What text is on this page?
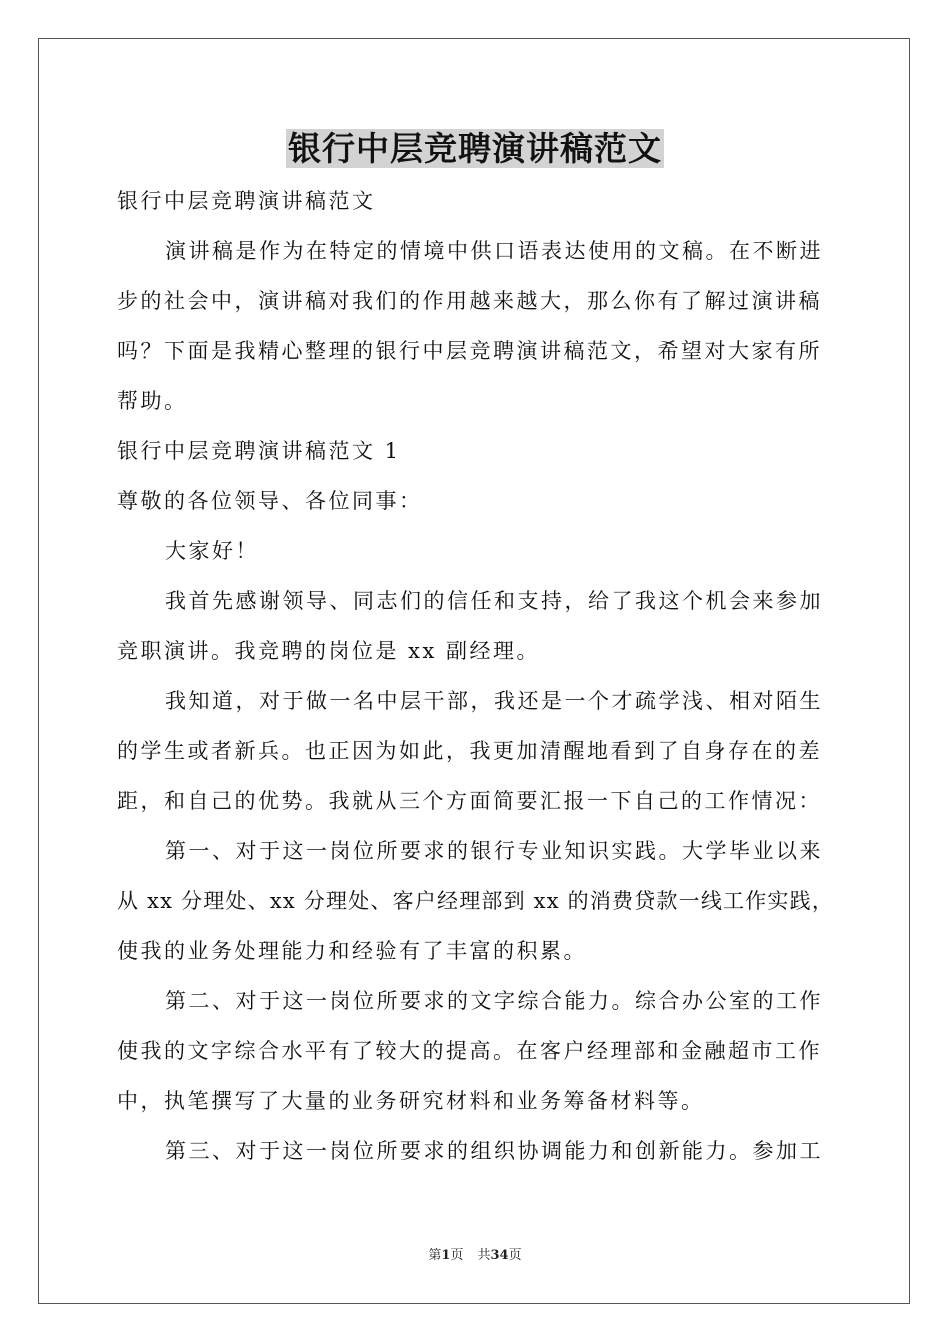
银行中层竞聘演讲稿范文
银行中层竞聘演讲稿范文
演讲稿是作为在特定的情境中供口语表达使用的文稿。在不断进
步的社会中，演讲稿对我们的作用越来越大，那么你有了解过演讲稿
吗？下面是我精心整理的银行中层竞聘演讲稿范文，希望对大家有所
帮助。
银行中层竞聘演讲稿范文 1
尊敬的各位领导、各位同事：
大家好！
我首先感谢领导、同志们的信任和支持，给了我这个机会来参加
竞职演讲。我竞聘的岗位是 xx 副经理。
我知道，对于做一名中层干部，我还是一个才疏学浅、相对陌生
的学生或者新兵。也正因为如此，我更加清醒地看到了自身存在的差
距，和自己的优势。我就从三个方面简要汇报一下自己的工作情况：
第一、对于这一岗位所要求的银行专业知识实践。大学毕业以来
从 xx 分理处、xx 分理处、客户经理部到 xx 的消费贷款一线工作实践，
使我的业务处理能力和经验有了丰富的积累。
第二、对于这一岗位所要求的文字综合能力。综合办公室的工作
使我的文字综合水平有了较大的提高。在客户经理部和金融超市工作
中，执笔撰写了大量的业务研究材料和业务筹备材料等。
第三、对于这一岗位所要求的组织协调能力和创新能力。参加工
第1页 共34页
